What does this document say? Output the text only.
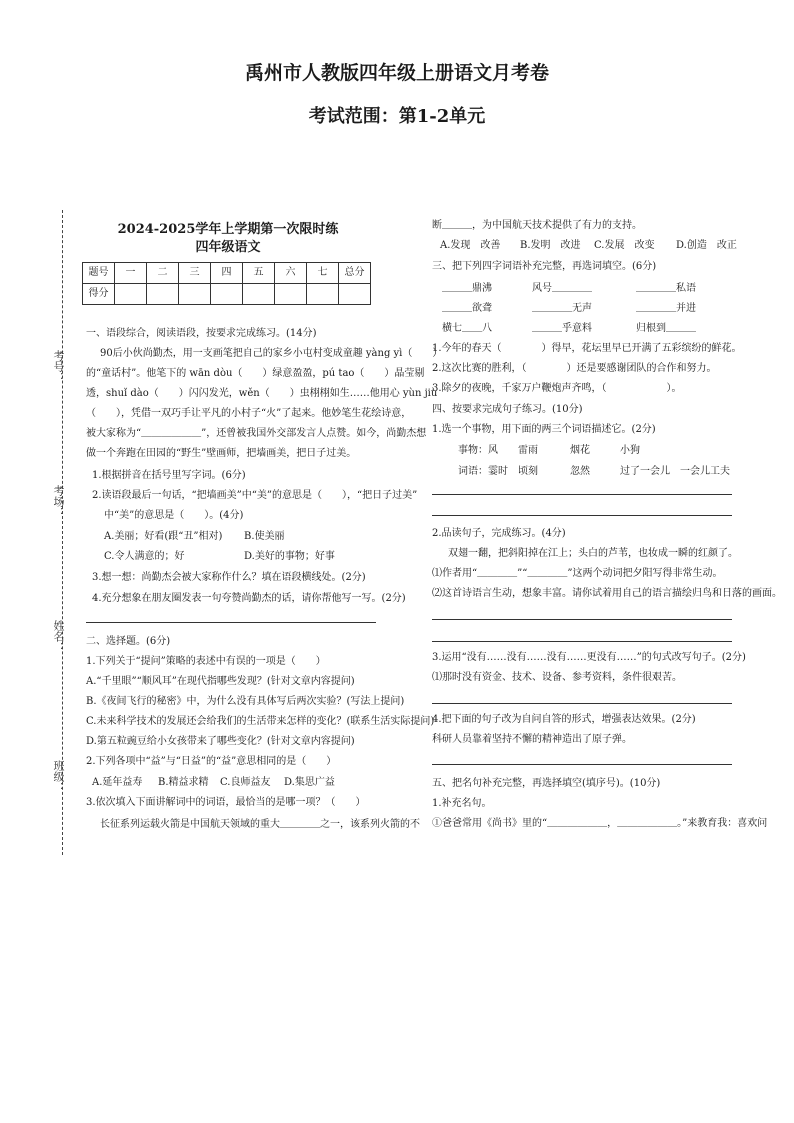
禹州市人教版四年级上册语文月考卷
考试范围：第1-2单元
考号：
考场：
姓名：
班级：
2024-2025学年上学期第一次限时练
四年级语文
题号	一	二	三	四	五	六	七	总分
得分								
一、语段综合，阅读语段，按要求完成练习。(14分)
90后小伙尚勤杰，用一支画笔把自己的家乡小屯村变成童趣 yàng yì（　　）
的“童话村”。他笔下的 wān dòu（　　）绿意盈盈，pú tao（　　）晶莹剔
透，shuǐ dào（　　）闪闪发光，wěn（　　）虫栩栩如生……他用心 yùn jiù
（　　），凭借一双巧手让平凡的小村子“火”了起来。他妙笔生花绘诗意，
被大家称为“＿＿＿＿＿＿”，还曾被我国外交部发言人点赞。如今，尚勤杰想
做一个奔跑在田园的“野生”壁画师，把墙画美，把日子过美。
1.根据拼音在括号里写字词。(6分)
2.读语段最后一句话，“把墙画美”中“美”的意思是（　　），“把日子过美”
中“美”的意思是（　　）。(4分)
A.美丽；好看(跟“丑”相对) B.使美丽
C.令人满意的；好	D.美好的事物；好事
3.想一想：尚勤杰会被大家称作什么？填在语段横线处。(2分)
4.充分想象在朋友圈发表一句夸赞尚勤杰的话，请你帮他写一写。(2分)
二、选择题。(6分)
1.下列关于“提问”策略的表述中有误的一项是（　　）
A.“千里眼”“顺风耳”在现代指哪些发现？(针对文章内容提问)
B.《夜间飞行的秘密》中，为什么没有具体写后两次实验？(写法上提问)
C.未来科学技术的发展还会给我们的生活带来怎样的变化？(联系生活实际提问)
D.第五粒豌豆给小女孩带来了哪些变化？(针对文章内容提问)
2.下列各项中“益”与“日益”的“益”意思相同的是（　　）
A.延年益寿 B.精益求精 C.良师益友 D.集思广益
3.依次填入下面讲解词中的词语，最恰当的是哪一项？（　　）
长征系列运载火箭是中国航天领域的重大＿＿＿＿之一，该系列火箭的不
断＿＿＿，为中国航天技术提供了有力的支持。
A.发现　改善 B.发明　改进 C.发展　改变 D.创造　改正
三、把下列四字词语补充完整，再选词填空。(6分)
＿＿＿鼎沸	风号＿＿＿＿	＿＿＿＿私语
＿＿＿欲聋	＿＿＿＿无声	＿＿＿＿并进
横七＿＿八	＿＿＿乎意料	归根到＿＿＿
1.今年的春天（　　　　）得早，花坛里早已开满了五彩缤纷的鲜花。
2.这次比赛的胜利，（　　　　）还是要感谢团队的合作和努力。
3.除夕的夜晚，千家万户鞭炮声齐鸣，（　　　　　　）。
四、按要求完成句子练习。(10分)
1.选一个事物，用下面的两三个词语描述它。(2分)
事物：风 雷雨	烟花	小狗
词语：霎时 顷刻	忽然	过了一会儿 一会儿工夫
2.品读句子，完成练习。(4分)
双翅一翻，把斜阳掉在江上；头白的芦苇，也妆成一瞬的红颜了。
⑴作者用“＿＿＿＿”“＿＿＿＿”这两个动词把夕阳写得非常生动。
⑵这首诗语言生动，想象丰富。请你试着用自己的语言描绘归鸟和日落的画面。
3.运用“没有……没有……没有……更没有……”的句式改写句子。(2分)
⑴那时没有资金、技术、设备、参考资料，条件很艰苦。
4.把下面的句子改为自问自答的形式，增强表达效果。(2分)
科研人员靠着坚持不懈的精神造出了原子弹。
五、把名句补充完整，再选择填空(填序号)。(10分)
1.补充名句。
①爸爸常用《尚书》里的“＿＿＿＿＿＿，＿＿＿＿＿＿。”来教育我：喜欢问
